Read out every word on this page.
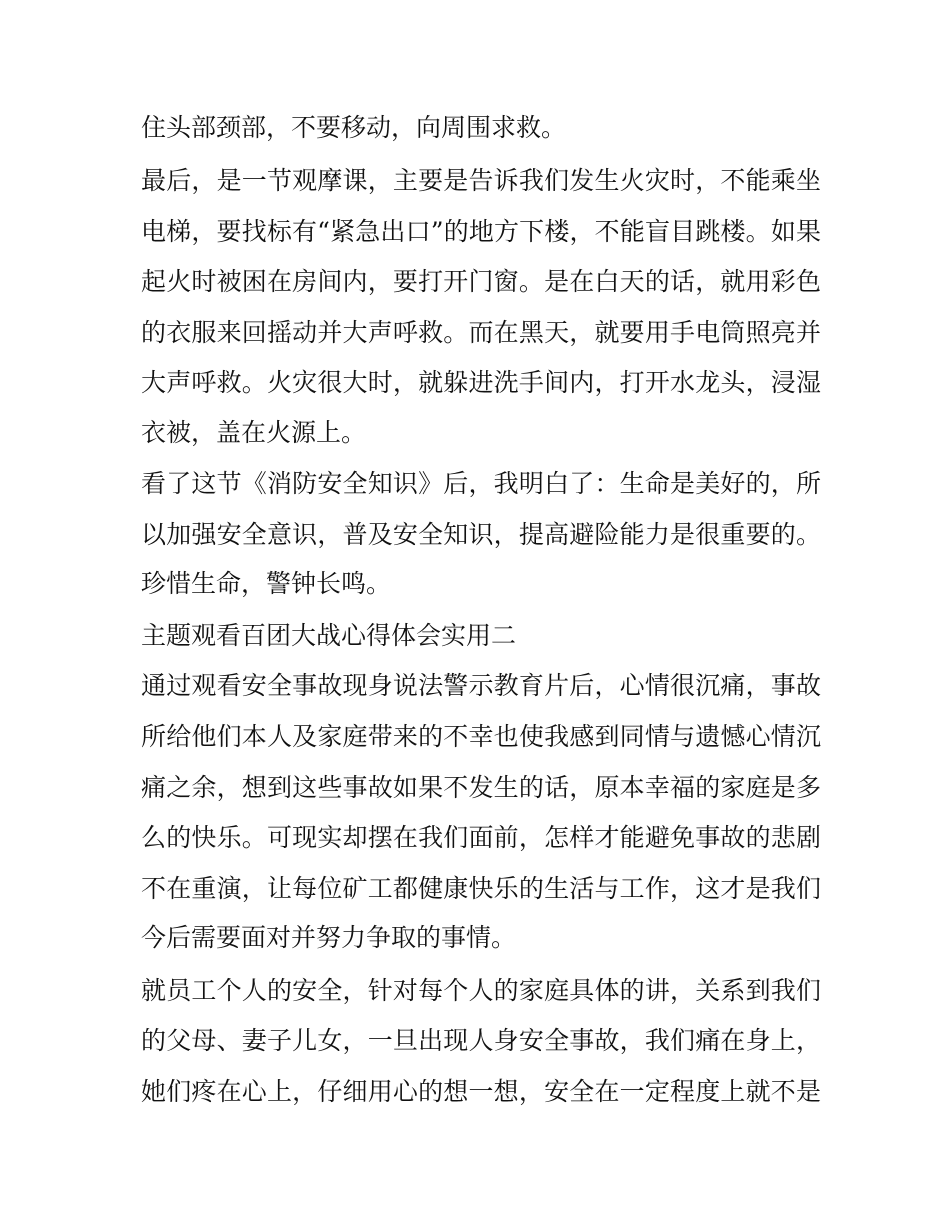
住头部颈部，不要移动，向周围求救。
最后，是一节观摩课，主要是告诉我们发生火灾时，不能乘坐
电梯，要找标有“紧急出口”的地方下楼，不能盲目跳楼。如果
起火时被困在房间内，要打开门窗。是在白天的话，就用彩色
的衣服来回摇动并大声呼救。而在黑天，就要用手电筒照亮并
大声呼救。火灾很大时，就躲进洗手间内，打开水龙头，浸湿
衣被，盖在火源上。
看了这节《消防安全知识》后，我明白了：生命是美好的，所
以加强安全意识，普及安全知识，提高避险能力是很重要的。
珍惜生命，警钟长鸣。
主题观看百团大战心得体会实用二
通过观看安全事故现身说法警示教育片后，心情很沉痛，事故
所给他们本人及家庭带来的不幸也使我感到同情与遗憾心情沉
痛之余，想到这些事故如果不发生的话，原本幸福的家庭是多
么的快乐。可现实却摆在我们面前，怎样才能避免事故的悲剧
不在重演，让每位矿工都健康快乐的生活与工作，这才是我们
今后需要面对并努力争取的事情。
就员工个人的安全，针对每个人的家庭具体的讲，关系到我们
的父母、妻子儿女，一旦出现人身安全事故，我们痛在身上，
她们疼在心上，仔细用心的想一想，安全在一定程度上就不是
